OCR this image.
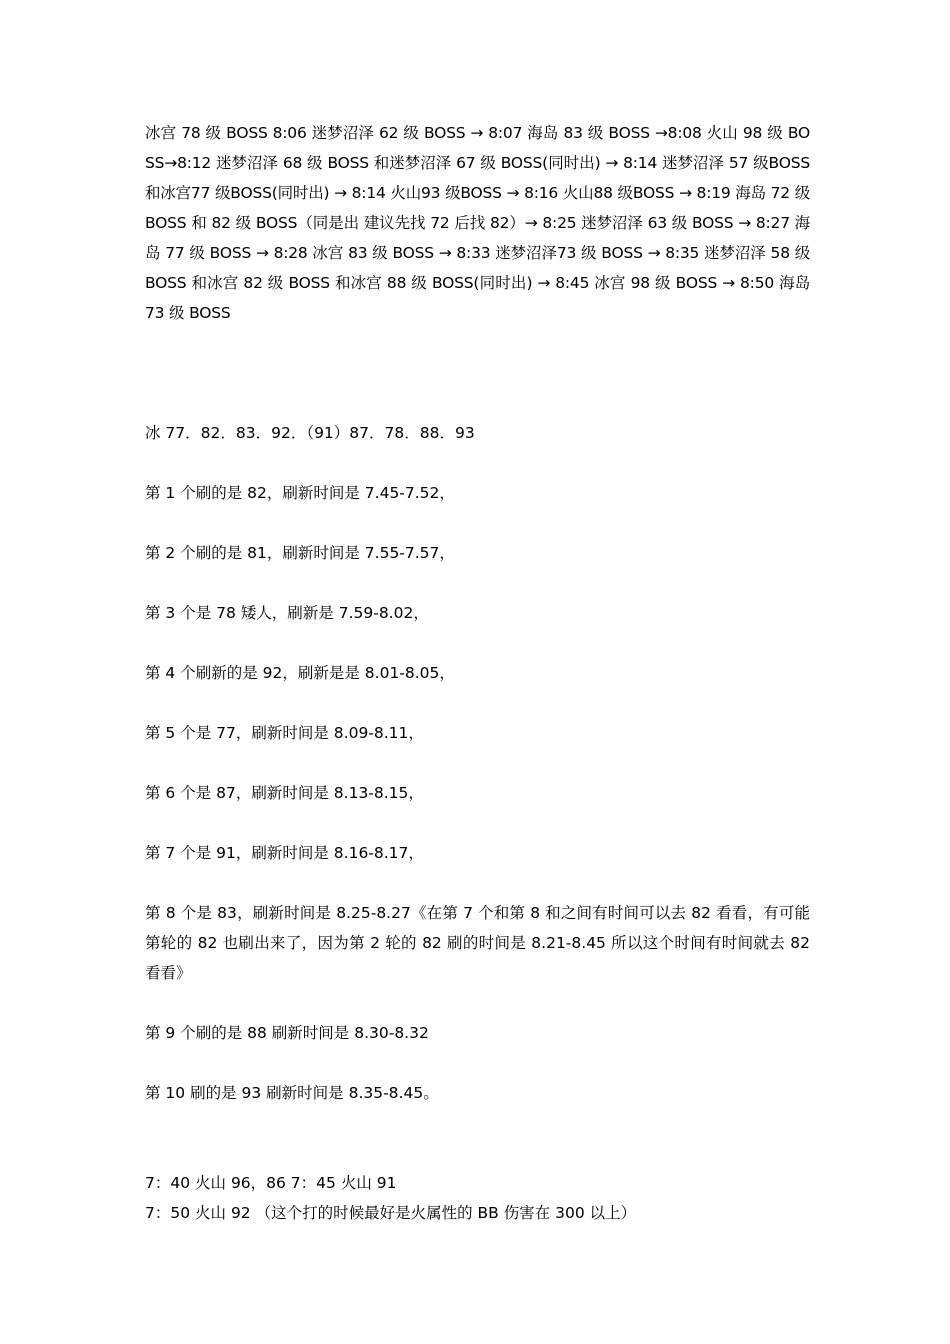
冰宫 78 级 BOSS 8:06 迷梦沼泽 62 级 BOSS → 8:07 海岛 83 级 BOSS →8:08 火山 98 级 BOSS→8:12 迷梦沼泽 68 级 BOSS 和迷梦沼泽 67 级 BOSS(同时出) → 8:14 迷梦沼泽 57 级BOSS和冰宫77 级BOSS(同时出) → 8:14 火山93 级BOSS → 8:16 火山88 级BOSS → 8:19 海岛 72 级 BOSS 和 82 级 BOSS（同是出 建议先找 72 后找 82）→ 8:25 迷梦沼泽 63 级 BOSS → 8:27 海岛 77 级 BOSS → 8:28 冰宫 83 级 BOSS → 8:33 迷梦沼泽73 级 BOSS → 8:35 迷梦沼泽 58 级 BOSS 和冰宫 82 级 BOSS 和冰宫 88 级 BOSS(同时出) → 8:45 冰宫 98 级 BOSS → 8:50 海岛 73 级 BOSS

冰 77．82．83．92．（91）87．78．88．93

第 1 个刷的是 82，刷新时间是 7.45-7.52，

第 2 个刷的是 81，刷新时间是 7.55-7.57，

第 3 个是 78 矮人，刷新是 7.59-8.02，

第 4 个刷新的是 92，刷新是是 8.01-8.05，

第 5 个是 77，刷新时间是 8.09-8.11，

第 6 个是 87，刷新时间是 8.13-8.15，

第 7 个是 91，刷新时间是 8.16-8.17，

第 8 个是 83，刷新时间是 8.25-8.27《在第 7 个和第 8 和之间有时间可以去 82 看看，有可能第轮的 82 也刷出来了，因为第 2 轮的 82 刷的时间是 8.21-8.45 所以这个时间有时间就去 82 看看》

第 9 个刷的是 88 刷新时间是 8.30-8.32

第 10 刷的是 93 刷新时间是 8.35-8.45。

7：40 火山 96，86 7：45 火山 91

7：50 火山 92 （这个打的时候最好是火属性的 BB 伤害在 300 以上）
